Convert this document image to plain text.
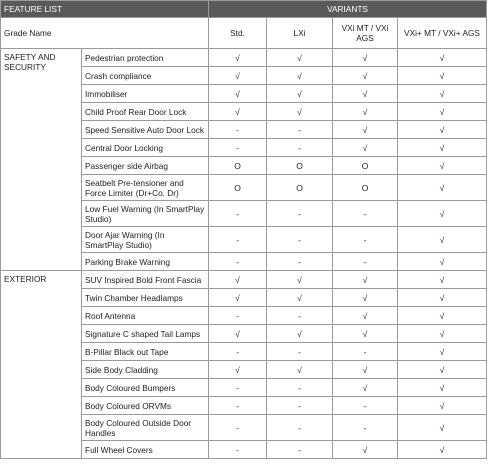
FEATURE LIST		VARIANTS			
Grade Name		Std.	LXi	VXi MT / VXi AGS	VXi+ MT / VXi+ AGS
SAFETY AND SECURITY	Pedestrian protection	√	√	√	√
	Crash compliance	√	√	√	√
	Immobiliser	√	√	√	√
	Child Proof Rear Door Lock	√	√	√	√
	Speed Sensitive Auto Door Lock	-	-	√	√
	Central Door Locking	-	-	√	√
	Passenger side Airbag	O	O	O	√
	Seatbelt Pre-tensioner and Force Limiter (Dr+Co. Dr)	O	O	O	√
	Low Fuel Warning (In SmartPlay Studio)	-	-	-	√
	Door Ajar Warning (In SmartPlay Studio)	-	-	-	√
	Parking Brake Warning	-	-	-	√
EXTERIOR	SUV Inspired Bold Front Fascia	√	√	√	√
	Twin Chamber Headlamps	√	√	√	√
	Roof Antenna	-	-	√	√
	Signature C shaped Tail Lamps	√	√	√	√
	B-Pillar Black out Tape	-	-	-	√
	Side Body Cladding	√	√	√	√
	Body Coloured Bumpers	-	-	√	√
	Body Coloured ORVMs	-	-	-	√
	Body Coloured Outside Door Handles	-	-	-	√
	Full Wheel Covers	-	-	√	√
